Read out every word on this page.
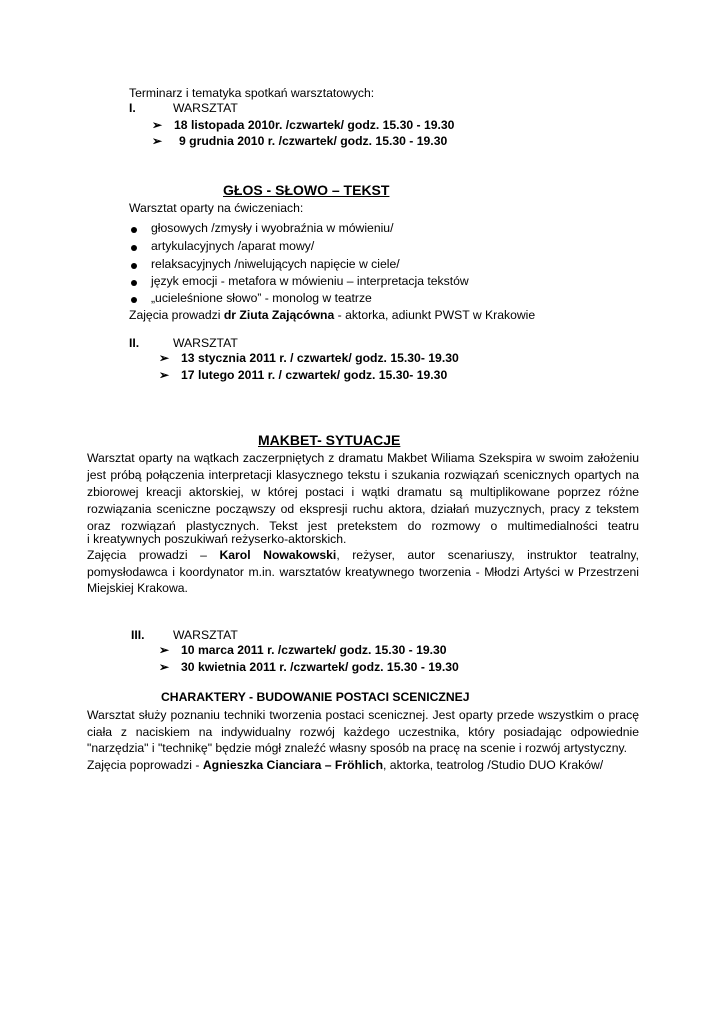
Terminarz i tematyka spotkań warsztatowych:
I.	WARSZTAT
➢ 18 listopada 2010r. /czwartek/ godz. 15.30 - 19.30
➢ 9 grudnia 2010 r. /czwartek/ godz. 15.30 - 19.30
GŁOS - SŁOWO – TEKST
Warsztat oparty na ćwiczeniach:
głosowych /zmysły i wyobraźnia w mówieniu/
artykulacyjnych /aparat mowy/
relaksacyjnych /niwelujących napięcie w ciele/
język emocji - metafora w mówieniu – interpretacja tekstów
„ucieleśnione słowo” - monolog w teatrze
Zajęcia prowadzi dr Ziuta Zającówna - aktorka, adiunkt PWST w Krakowie
II.	WARSZTAT
➢ 13 stycznia 2011 r. / czwartek/ godz. 15.30- 19.30
➢ 17 lutego 2011 r. / czwartek/ godz. 15.30- 19.30
MAKBET- SYTUACJE
Warsztat oparty na wątkach zaczerpniętych z dramatu Makbet Wiliama Szekspira w swoim założeniu
jest próbą połączenia interpretacji klasycznego tekstu i szukania rozwiązań scenicznych opartych na
zbiorowej kreacji aktorskiej, w której postaci i wątki dramatu są multiplikowane poprzez różne
rozwiązania sceniczne począwszy od ekspresji ruchu aktora, działań muzycznych, pracy z tekstem
oraz rozwiązań plastycznych. Tekst jest pretekstem do rozmowy o multimedialności teatru
i kreatywnych poszukiwań reżyserko-aktorskich.
Zajęcia prowadzi – Karol Nowakowski, reżyser, autor scenariuszy, instruktor teatralny,
pomysłodawca i koordynator m.in. warsztatów kreatywnego tworzenia - Młodzi Artyści w Przestrzeni
Miejskiej Krakowa.
III. WARSZTAT
➢ 10 marca 2011 r. /czwartek/ godz. 15.30 - 19.30
➢ 30 kwietnia 2011 r. /czwartek/ godz. 15.30 - 19.30
CHARAKTERY - BUDOWANIE POSTACI SCENICZNEJ
Warsztat służy poznaniu techniki tworzenia postaci scenicznej. Jest oparty przede wszystkim o pracę
ciała z naciskiem na indywidualny rozwój każdego uczestnika, który posiadając odpowiednie
"narzędzia" i "technikę" będzie mógł znaleźć własny sposób na pracę na scenie i rozwój artystyczny.
Zajęcia poprowadzi - Agnieszka Cianciara – Fröhlich, aktorka, teatrolog /Studio DUO Kraków/
